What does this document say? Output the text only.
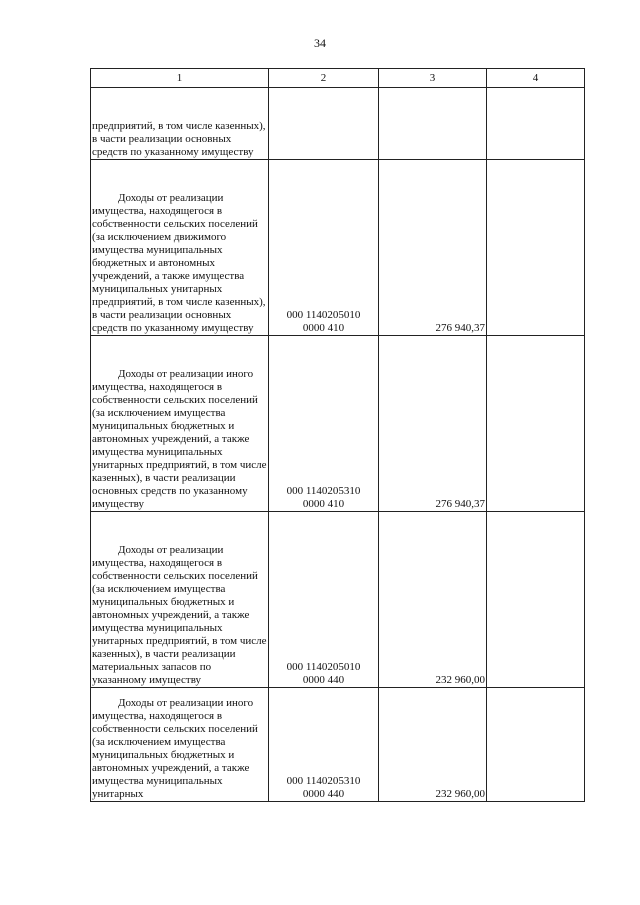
34
1	2	3	4
предприятий, в том числе казенных), в части реализации основных средств по указанному имуществу	

Доходы от реализации имущества, находящегося в собственности сельских поселений (за исключением движимого имущества муниципальных бюджетных и автономных учреждений, а также имущества муниципальных унитарных предприятий, в том числе казенных), в части реализации основных средств по указанному имуществу	000 1140205010
0000 410	276 940,37	
Доходы от реализации иного имущества, находящегося в собственности сельских поселений (за исключением имущества муниципальных бюджетных и автономных учреждений, а также имущества муниципальных унитарных предприятий, в том числе казенных), в части реализации основных средств по указанному имуществу	000 1140205310
0000 410	276 940,37	
Доходы от реализации имущества, находящегося в собственности сельских поселений (за исключением имущества муниципальных бюджетных и автономных учреждений, а также имущества муниципальных унитарных предприятий, в том числе казенных), в части реализации материальных запасов по указанному имуществу	000 1140205010
0000 440	232 960,00	
Доходы от реализации иного имущества, находящегося в собственности сельских поселений (за исключением имущества муниципальных бюджетных и автономных учреждений, а также имущества муниципальных унитарных	000 1140205310
0000 440	232 960,00	
